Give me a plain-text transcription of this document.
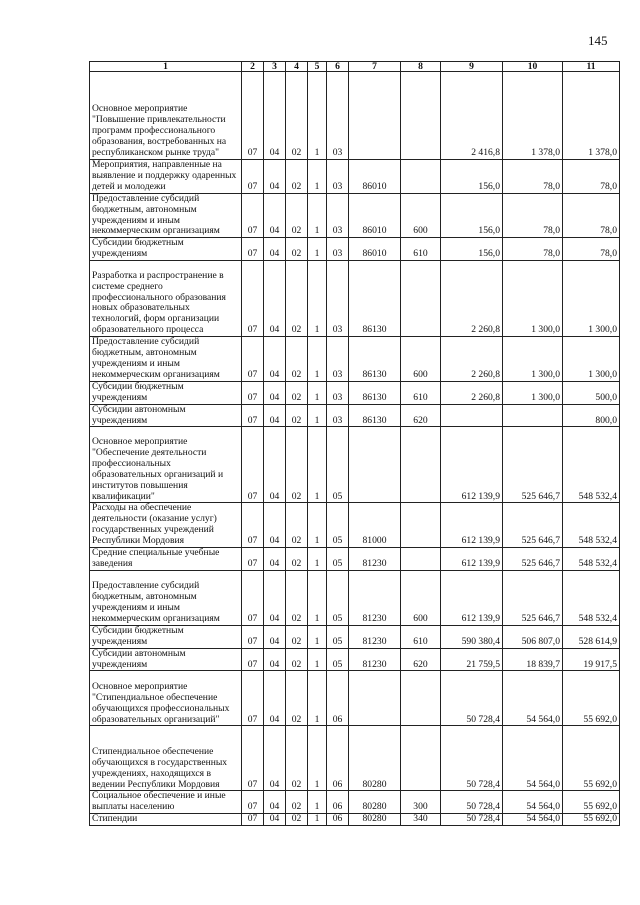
145
1	2	3	4	5	6	7	8	9	10	11
Основное мероприятие "Повышение привлекательности программ профессионального образования, востребованных на республиканском рынке труда"	07	04	02	1	03			2 416,8	1 378,0	1 378,0
Мероприятия, направленные на выявление и поддержку одаренных детей и молодежи	07	04	02	1	03	86010		156,0	78,0	78,0
Предоставление субсидий бюджетным, автономным учреждениям и иным некоммерческим организациям	07	04	02	1	03	86010	600	156,0	78,0	78,0
Субсидии бюджетным учреждениям	07	04	02	1	03	86010	610	156,0	78,0	78,0
Разработка и распространение в системе среднего профессионального образования новых образовательных технологий, форм организации образовательного процесса	07	04	02	1	03	86130		2 260,8	1 300,0	1 300,0
Предоставление субсидий бюджетным, автономным учреждениям и иным некоммерческим организациям	07	04	02	1	03	86130	600	2 260,8	1 300,0	1 300,0
Субсидии бюджетным учреждениям	07	04	02	1	03	86130	610	2 260,8	1 300,0	500,0
Субсидии автономным учреждениям	07	04	02	1	03	86130	620			800,0
Основное мероприятие "Обеспечение деятельности профессиональных образовательных организаций и институтов повышения квалификации"	07	04	02	1	05			612 139,9	525 646,7	548 532,4
Расходы на обеспечение деятельности (оказание услуг) государственных учреждений Республики Мордовия	07	04	02	1	05	81000		612 139,9	525 646,7	548 532,4
Средние специальные учебные заведения	07	04	02	1	05	81230		612 139,9	525 646,7	548 532,4
Предоставление субсидий бюджетным, автономным учреждениям и иным некоммерческим организациям	07	04	02	1	05	81230	600	612 139,9	525 646,7	548 532,4
Субсидии бюджетным учреждениям	07	04	02	1	05	81230	610	590 380,4	506 807,0	528 614,9
Субсидии автономным учреждениям	07	04	02	1	05	81230	620	21 759,5	18 839,7	19 917,5
Основное мероприятие "Стипендиальное обеспечение обучающихся профессиональных образовательных организаций"	07	04	02	1	06			50 728,4	54 564,0	55 692,0
Стипендиальное обеспечение обучающихся в государственных учреждениях, находящихся в ведении Республики Мордовия	07	04	02	1	06	80280		50 728,4	54 564,0	55 692,0
Социальное обеспечение и иные выплаты населению	07	04	02	1	06	80280	300	50 728,4	54 564,0	55 692,0
Стипендии	07	04	02	1	06	80280	340	50 728,4	54 564,0	55 692,0
